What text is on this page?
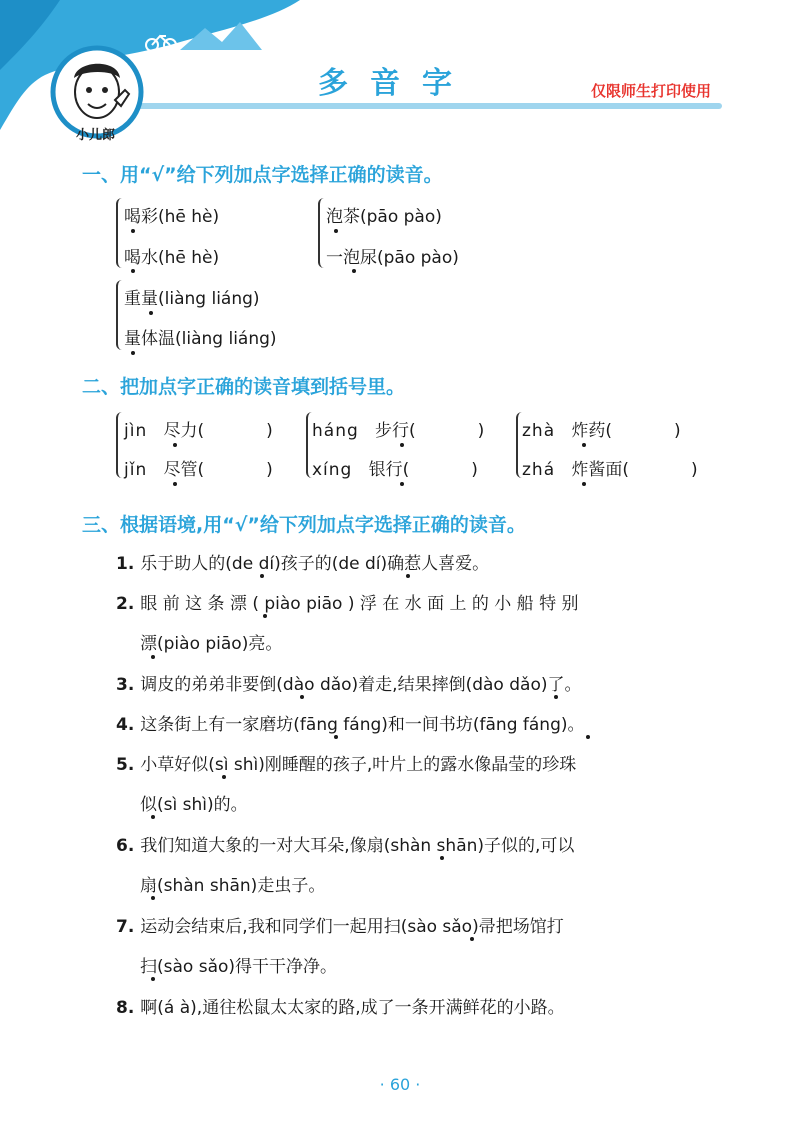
多音字	仅限师生打印使用
小儿郎
一、用“√”给下列加点字选择正确的读音。
喝彩(hē hè)
喝水(hē hè)
泡茶(pāo pào)
一泡尿(pāo pào)
重量(liàng liáng)
量体温(liàng liáng)
二、把加点字正确的读音填到括号里。
jìn 尽力(	)
jǐn 尽管(	)
háng 步行(	)
xíng 银行(	)
zhà 炸药(	)
zhá 炸酱面(	)
三、根据语境,用“√”给下列加点字选择正确的读音。
1. 乐于助人的(de dí)孩子的(de dí)确惹人喜爱。
2. 眼 前 这 条 漂 ( piào piāo ) 浮 在 水 面 上 的 小 船 特 别
漂(piào piāo)亮。
3. 调皮的弟弟非要倒(dào dǎo)着走,结果摔倒(dào dǎo)了。
4. 这条街上有一家磨坊(fāng fáng)和一间书坊(fāng fáng)。
5. 小草好似(sì shì)刚睡醒的孩子,叶片上的露水像晶莹的珍珠
似(sì shì)的。
6. 我们知道大象的一对大耳朵,像扇(shàn shān)子似的,可以
扇(shàn shān)走虫子。
7. 运动会结束后,我和同学们一起用扫(sào sǎo)帚把场馆打
扫(sào sǎo)得干干净净。
8. 啊(á à),通往松鼠太太家的路,成了一条开满鲜花的小路。
· 60 ·
